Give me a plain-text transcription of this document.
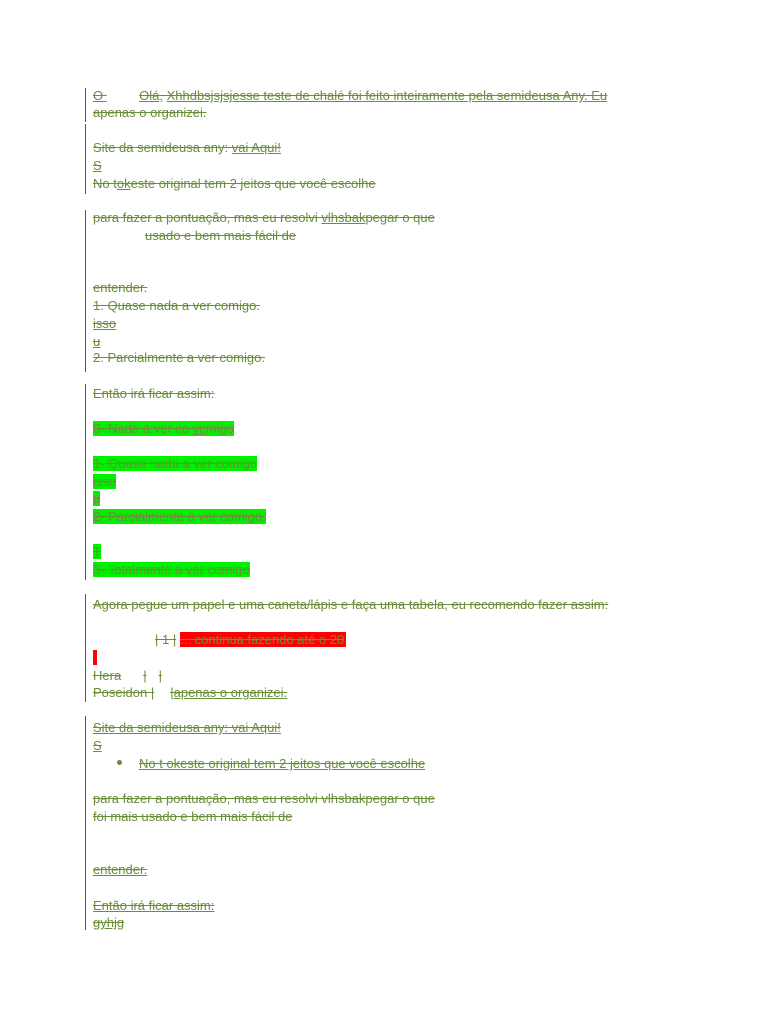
O	Olá, Xhhdbsjsjsjesse teste de chalé foi feito inteiramente pela semideusa Any. Eu
apenas o organizei.
Site da semideusa any: vai Aqui!
S
No tokeste original tem 2 jeitos que você escolhe
para fazer a pontuação, mas eu resolvi vlhsbakpegar o que
usado e bem mais fácil de
entender.
1. Quase nada a ver comigo.
isso
u
2. Parcialmente a ver comigo.
Então irá ficar assim:
0- Nada a ver co vcmigo
1- Quase nada a ver comigo
isso
u
2- Parcialmente a ver comigo.
T
3- Totalmente a ver comigo
Agora pegue um papel e uma caneta/lápis e faça uma tabela, eu recomendo fazer assim:
| 1 | ... continua fazendo até o 20
Hera | |
Poseidon | |apenas o organizei.
Site da semideusa any: vai Aqui!
S
No t okeste original tem 2 jeitos que você escolhe
para fazer a pontuação, mas eu resolvi vlhsbakpegar o que
foi mais usado e bem mais fácil de
entender.
Então irá ficar assim:
gyhjg
